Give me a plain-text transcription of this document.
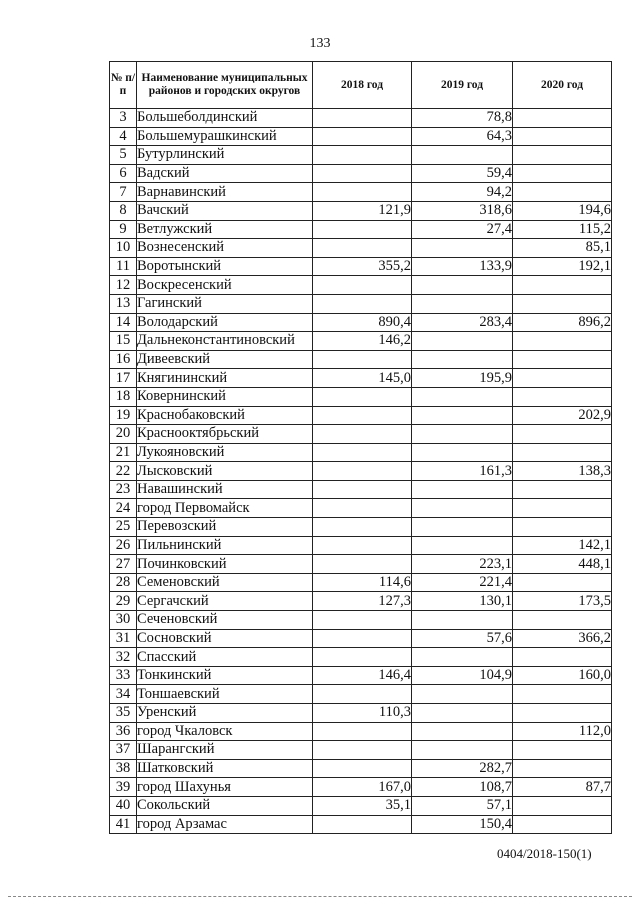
133
№ п/п	Наименование муниципальных районов и городских округов	2018 год	2019 год	2020 год
3	Большеболдинский		78,8	
4	Большемурашкинский		64,3	
5	Бутурлинский			
6	Вадский		59,4	
7	Варнавинский		94,2	
8	Вачский	121,9	318,6	194,6
9	Ветлужский		27,4	115,2
10	Вознесенский			85,1
11	Воротынский	355,2	133,9	192,1
12	Воскресенский			
13	Гагинский			
14	Володарский	890,4	283,4	896,2
15	Дальнеконстантиновский	146,2		
16	Дивеевский			
17	Княгининский	145,0	195,9	
18	Ковернинский			
19	Краснобаковский			202,9
20	Краснооктябрьский			
21	Лукояновский			
22	Лысковский		161,3	138,3
23	Навашинский			
24	город Первомайск			
25	Перевозский			
26	Пильнинский			142,1
27	Починковский		223,1	448,1
28	Семеновский	114,6	221,4	
29	Сергачский	127,3	130,1	173,5
30	Сеченовский			
31	Сосновский		57,6	366,2
32	Спасский			
33	Тонкинский	146,4	104,9	160,0
34	Тоншаевский			
35	Уренский	110,3		
36	город Чкаловск			112,0
37	Шарангский			
38	Шатковский		282,7	
39	город Шахунья	167,0	108,7	87,7
40	Сокольский	35,1	57,1	
41	город Арзамас		150,4	
0404/2018-150(1)
